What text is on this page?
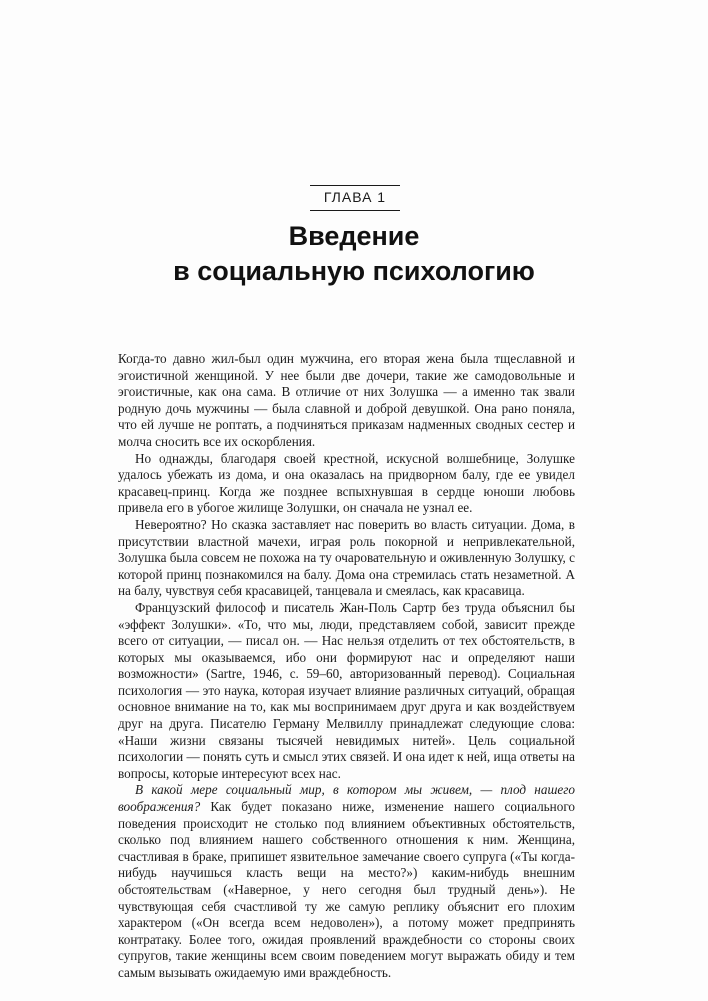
ГЛАВА 1
Введение
в социальную психологию

Когда-то давно жил-был один мужчина, его вторая жена была тщеславной и эгоистичной женщиной. У нее были две дочери, такие же самодовольные и эгоистичные, как она сама. В отличие от них Золушка — а именно так звали родную дочь мужчины — была славной и доброй девушкой. Она рано поняла, что ей лучше не роптать, а подчиняться приказам надменных сводных сестер и молча сносить все их оскорбления.

Но однажды, благодаря своей крестной, искусной волшебнице, Золушке удалось убежать из дома, и она оказалась на придворном балу, где ее увидел красавец-принц. Когда же позднее вспыхнувшая в сердце юноши любовь привела его в убогое жилище Золушки, он сначала не узнал ее.

Невероятно? Но сказка заставляет нас поверить во власть ситуации. Дома, в присутствии властной мачехи, играя роль покорной и непривлекательной, Золушка была совсем не похожа на ту очаровательную и оживленную Золушку, с которой принц познакомился на балу. Дома она стремилась стать незаметной. А на балу, чувствуя себя красавицей, танцевала и смеялась, как красавица.

Французский философ и писатель Жан-Поль Сартр без труда объяснил бы «эффект Золушки». «То, что мы, люди, представляем собой, зависит прежде всего от ситуации, — писал он. — Нас нельзя отделить от тех обстоятельств, в которых мы оказываемся, ибо они формируют нас и определяют наши возможности» (Sartre, 1946, с. 59–60, авторизованный перевод). Социальная психология — это наука, которая изучает влияние различных ситуаций, обращая основное внимание на то, как мы воспринимаем друг друга и как воздействуем друг на друга. Писателю Герману Мелвиллу принадлежат следующие слова: «Наши жизни связаны тысячей невидимых нитей». Цель социальной психологии — понять суть и смысл этих связей. И она идет к ней, ища ответы на вопросы, которые интересуют всех нас.

В какой мере социальный мир, в котором мы живем, — плод нашего воображения? Как будет показано ниже, изменение нашего социального поведения происходит не столько под влиянием объективных обстоятельств, сколько под влиянием нашего собственного отношения к ним. Женщина, счастливая в браке, припишет язвительное замечание своего супруга («Ты когда-нибудь научишься класть вещи на место?») каким-нибудь внешним обстоятельствам («Наверное, у него сегодня был трудный день»). Не чувствующая себя счастливой ту же самую реплику объяснит его плохим характером («Он всегда всем недоволен»), а потому может предпринять контратаку. Более того, ожидая проявлений враждебности со стороны своих супругов, такие женщины всем своим поведением могут выражать обиду и тем самым вызывать ожидаемую ими враждебность.
